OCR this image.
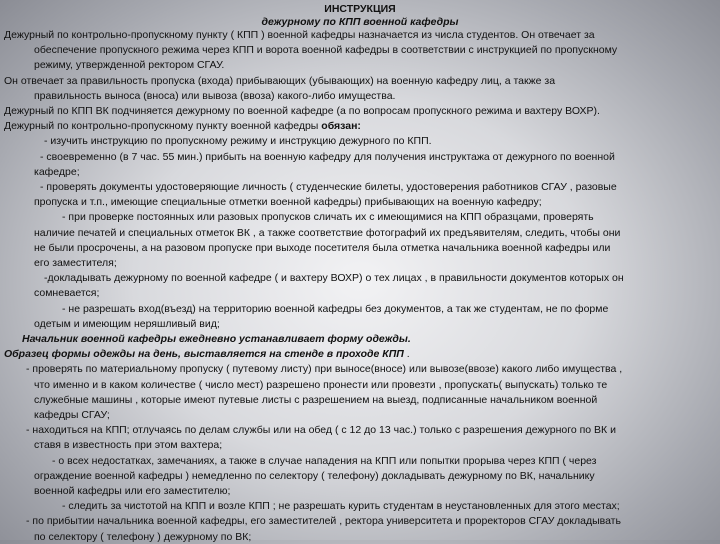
ИНСТРУКЦИЯ
дежурному по КПП военной кафедры
Дежурный по контрольно-пропускному пункту ( КПП ) военной кафедры назначается из числа студентов. Он отвечает за
обеспечение пропускного режима через КПП и ворота военной кафедры в соответствии с инструкцией по пропускному
режиму, утвержденной ректором СГАУ.
Он отвечает за правильность пропуска (входа) прибывающих (убывающих) на военную кафедру лиц, а также за
правильность выноса (вноса) или вывоза (ввоза) какого-либо имущества.
Дежурный по КПП ВК подчиняется дежурному по военной кафедре (а по вопросам пропускного режима и вахтеру ВОХР).
Дежурный по контрольно-пропускному пункту военной кафедры обязан:
- изучить инструкцию по пропускному режиму и инструкцию дежурного по КПП.
- своевременно (в 7 час. 55 мин.) прибыть на военную кафедру для получения инструктажа от дежурного по военной
кафедре;
- проверять документы удостоверяющие личность ( студенческие билеты, удостоверения работников СГАУ , разовые
пропуска и т.п., имеющие специальные отметки военной кафедры) прибывающих на военную кафедру;
- при проверке постоянных или разовых пропусков сличать их с имеющимися на КПП образцами, проверять
наличие печатей и специальных отметок ВК , а также соответствие фотографий их предъявителям, следить, чтобы они
не были просрочены, а на разовом пропуске при выходе посетителя была отметка начальника военной кафедры или
его заместителя;
-докладывать дежурному по военной кафедре ( и вахтеру ВОХР) о тех лицах , в правильности документов которых он
сомневается;
- не разрешать вход(въезд) на территорию военной кафедры без документов, а так же студентам, не по форме
одетым и имеющим неряшливый вид;
Начальник военной кафедры ежедневно устанавливает форму одежды.
Образец формы одежды на день, выставляется на стенде в проходе КПП .
- проверять по материальному пропуску ( путевому листу) при выносе(вносе) или вывозе(ввозе) какого либо имущества ,
что именно и в каком количестве ( число мест) разрешено пронести или провезти , пропускать( выпускать) только те
служебные машины , которые имеют путевые листы с разрешением на выезд, подписанные начальником военной
кафедры СГАУ;
- находиться на КПП; отлучаясь по делам службы или на обед ( с 12 до 13 час.) только с разрешения дежурного по ВК и
ставя в известность при этом вахтера;
- о всех недостатках, замечаниях, а также в случае нападения на КПП или попытки прорыва через КПП ( через
ограждение военной кафедры ) немедленно по селектору ( телефону) докладывать дежурному по ВК, начальнику
военной кафедры или его заместителю;
- следить за чистотой на КПП и возле КПП ; не разрешать курить студентам в неустановленных для этого местах;
- по прибытии начальника военной кафедры, его заместителей , ректора университета и проректоров СГАУ докладывать
по селектору ( телефону ) дежурному по ВК;
